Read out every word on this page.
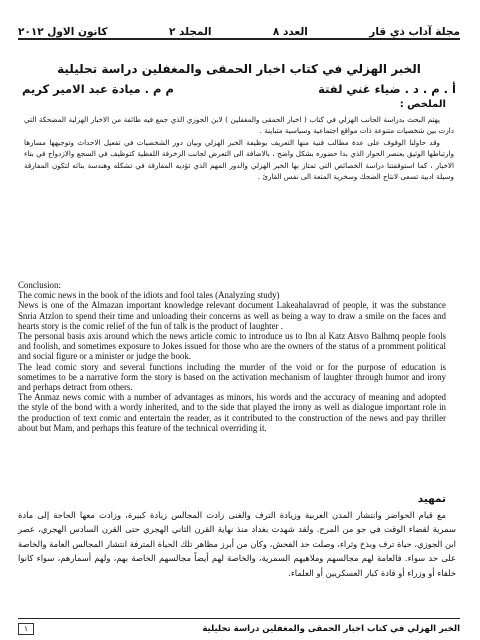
مجلة آداب ذي قار
العدد ٨
المجلد ٢
كانون الاول ٢٠١٢
الخبر الهزلي في كتاب اخبار الحمقى والمغفلين دراسة تحليلية
أ . م . د . ضياء غني لفتة
م م . ميادة عبد الامير كريم
الملخص :

يهتم البحث بدراسة الجانب الهزلي في كتاب ( اخبار الحمقى والمغفلين ) لابن الجوزي الذي جمع فيه طائفة من الاخبار الهزلية المضحكة التي دارت بين شخصيات متنوعة ذات مواقع اجتماعية وسياسية متباينة .

وقد حاولنا الوقوف على عدة مطالب فنية منها التعريف بوظيفة الخبر الهزلي وبيان دور الشخصيات في تفعيل الاحداث وتوجيهها مسارها وارتباطها الوثيق بعنصر الحوار الذي بدا حضوره بشكل واضح ، بالاضافة الى التعرض لجانب الزخرفة اللفظية كتوظيف في السجع والازدواج في بناء الاخبار ، كما استوقفتنا دراسة الخصائص التي تمتاز بها الخبر الهزلي والدور المهم الذي تؤديه المفارقة في تشكله وهندسة بنائه لتكون المفارقة وسيلة ادبية تسعى لانتاج الضحك وسخرية المتعة الى نفس القارئ .

Conclusion:

The comic news in the book of the idiots and fool tales (Analyzing study)

News is one of the Almazan important knowledge relevant document Lakeahalavrad of people, it was the substance Snria Atzlon to spend their time and unloading their concerns as well as being a way to draw a smile on the faces and hearts story is the comic relief of the fun of talk is the product of laughter .

The personal basis axis around which the news article comic to introduce us to Ibn al Katz Atsvo Balhmq people fools and foolish, and sometimes exposure to Jokes issued for those who are the owners of the status of a promment political and social figure or a minister or judge the book.

The lead comic story and several functions including the murder of the void or for the purpose of education is sometimes to be a narrative form the story is based on the activation mechanism of laughter through humor and irony and perhaps detract from others.

The Anmaz news comic with a number of advantages as minors, his words and the accuracy of meaning and adopted the style of the bond with a wordy inherited, and to the side that played the irony as well as dialogue important role in the production of text comic and entertain the reader, as it contributed to the construction of the news and pay thriller about but Mam, and perhaps this feature of the technical overriding it.

تمهيد

مع قيام الحواضر وانتشار المدن العربية وزيادة الترف والغنى زادت المجالس زيادة كبيرة، وزادت معها الحاجة إلى مادة سمرية لقضاء الوقت في جو من المرح. ولقد شهدت بغداد منذ نهاية القرن الثاني الهجري حتى القرن السادس الهجري، عصر ابن الجوزي، حياة ترف وبذخ وثراء، وصلت حد الفحش، وكان من أبرز مظاهر تلك الحياة المترفة انتشار المجالس العامة والخاصة على حد سواء. فالعامة لهم مجالسهم وملاهيهم السمرية، والخاصة لهم أيضاً مجالسهم الخاصة بهم، ولهم أسمارهم، سواء كانوا خلفاء أو وزراء أو قادة كبار العسكريين أو العلماء.

الخبر الهزلي في كتاب اخبار الحمقى والمغفلين دراسة تحليلية
١
